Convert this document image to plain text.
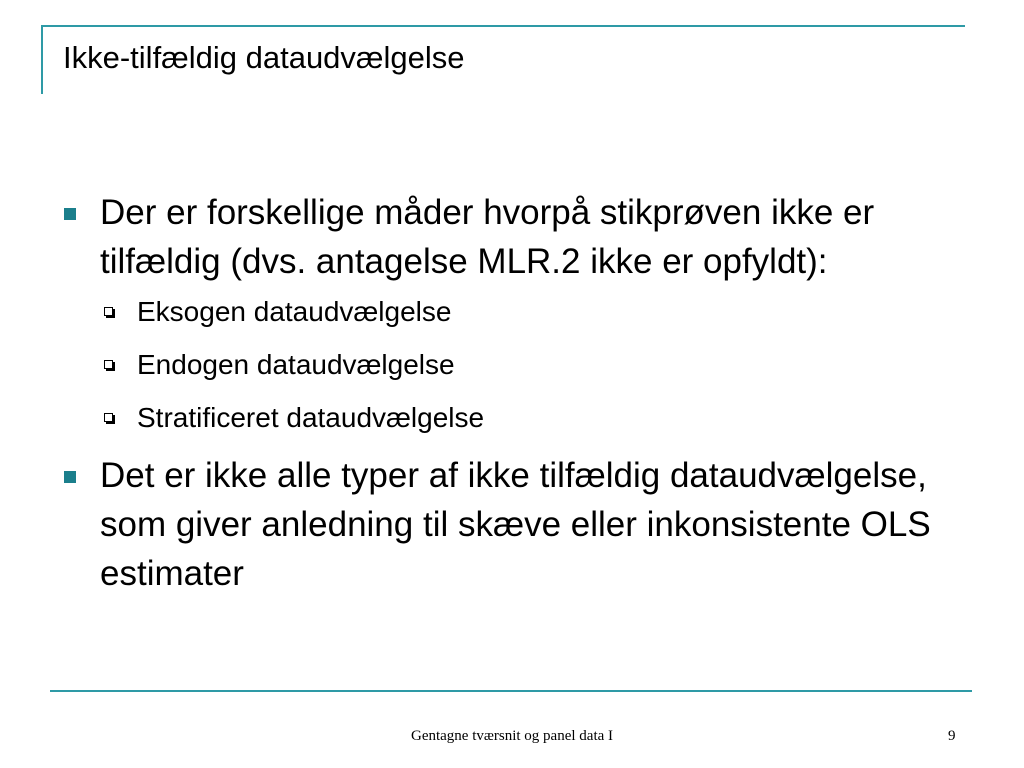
Ikke-tilfældig dataudvælgelse
Der er forskellige måder hvorpå stikprøven ikke er tilfældig (dvs. antagelse MLR.2 ikke er opfyldt):
Eksogen dataudvælgelse
Endogen dataudvælgelse
Stratificeret dataudvælgelse
Det er ikke alle typer af ikke tilfældig dataudvælgelse, som giver anledning til skæve eller inkonsistente OLS estimater
Gentagne tværsnit og panel data I	9
